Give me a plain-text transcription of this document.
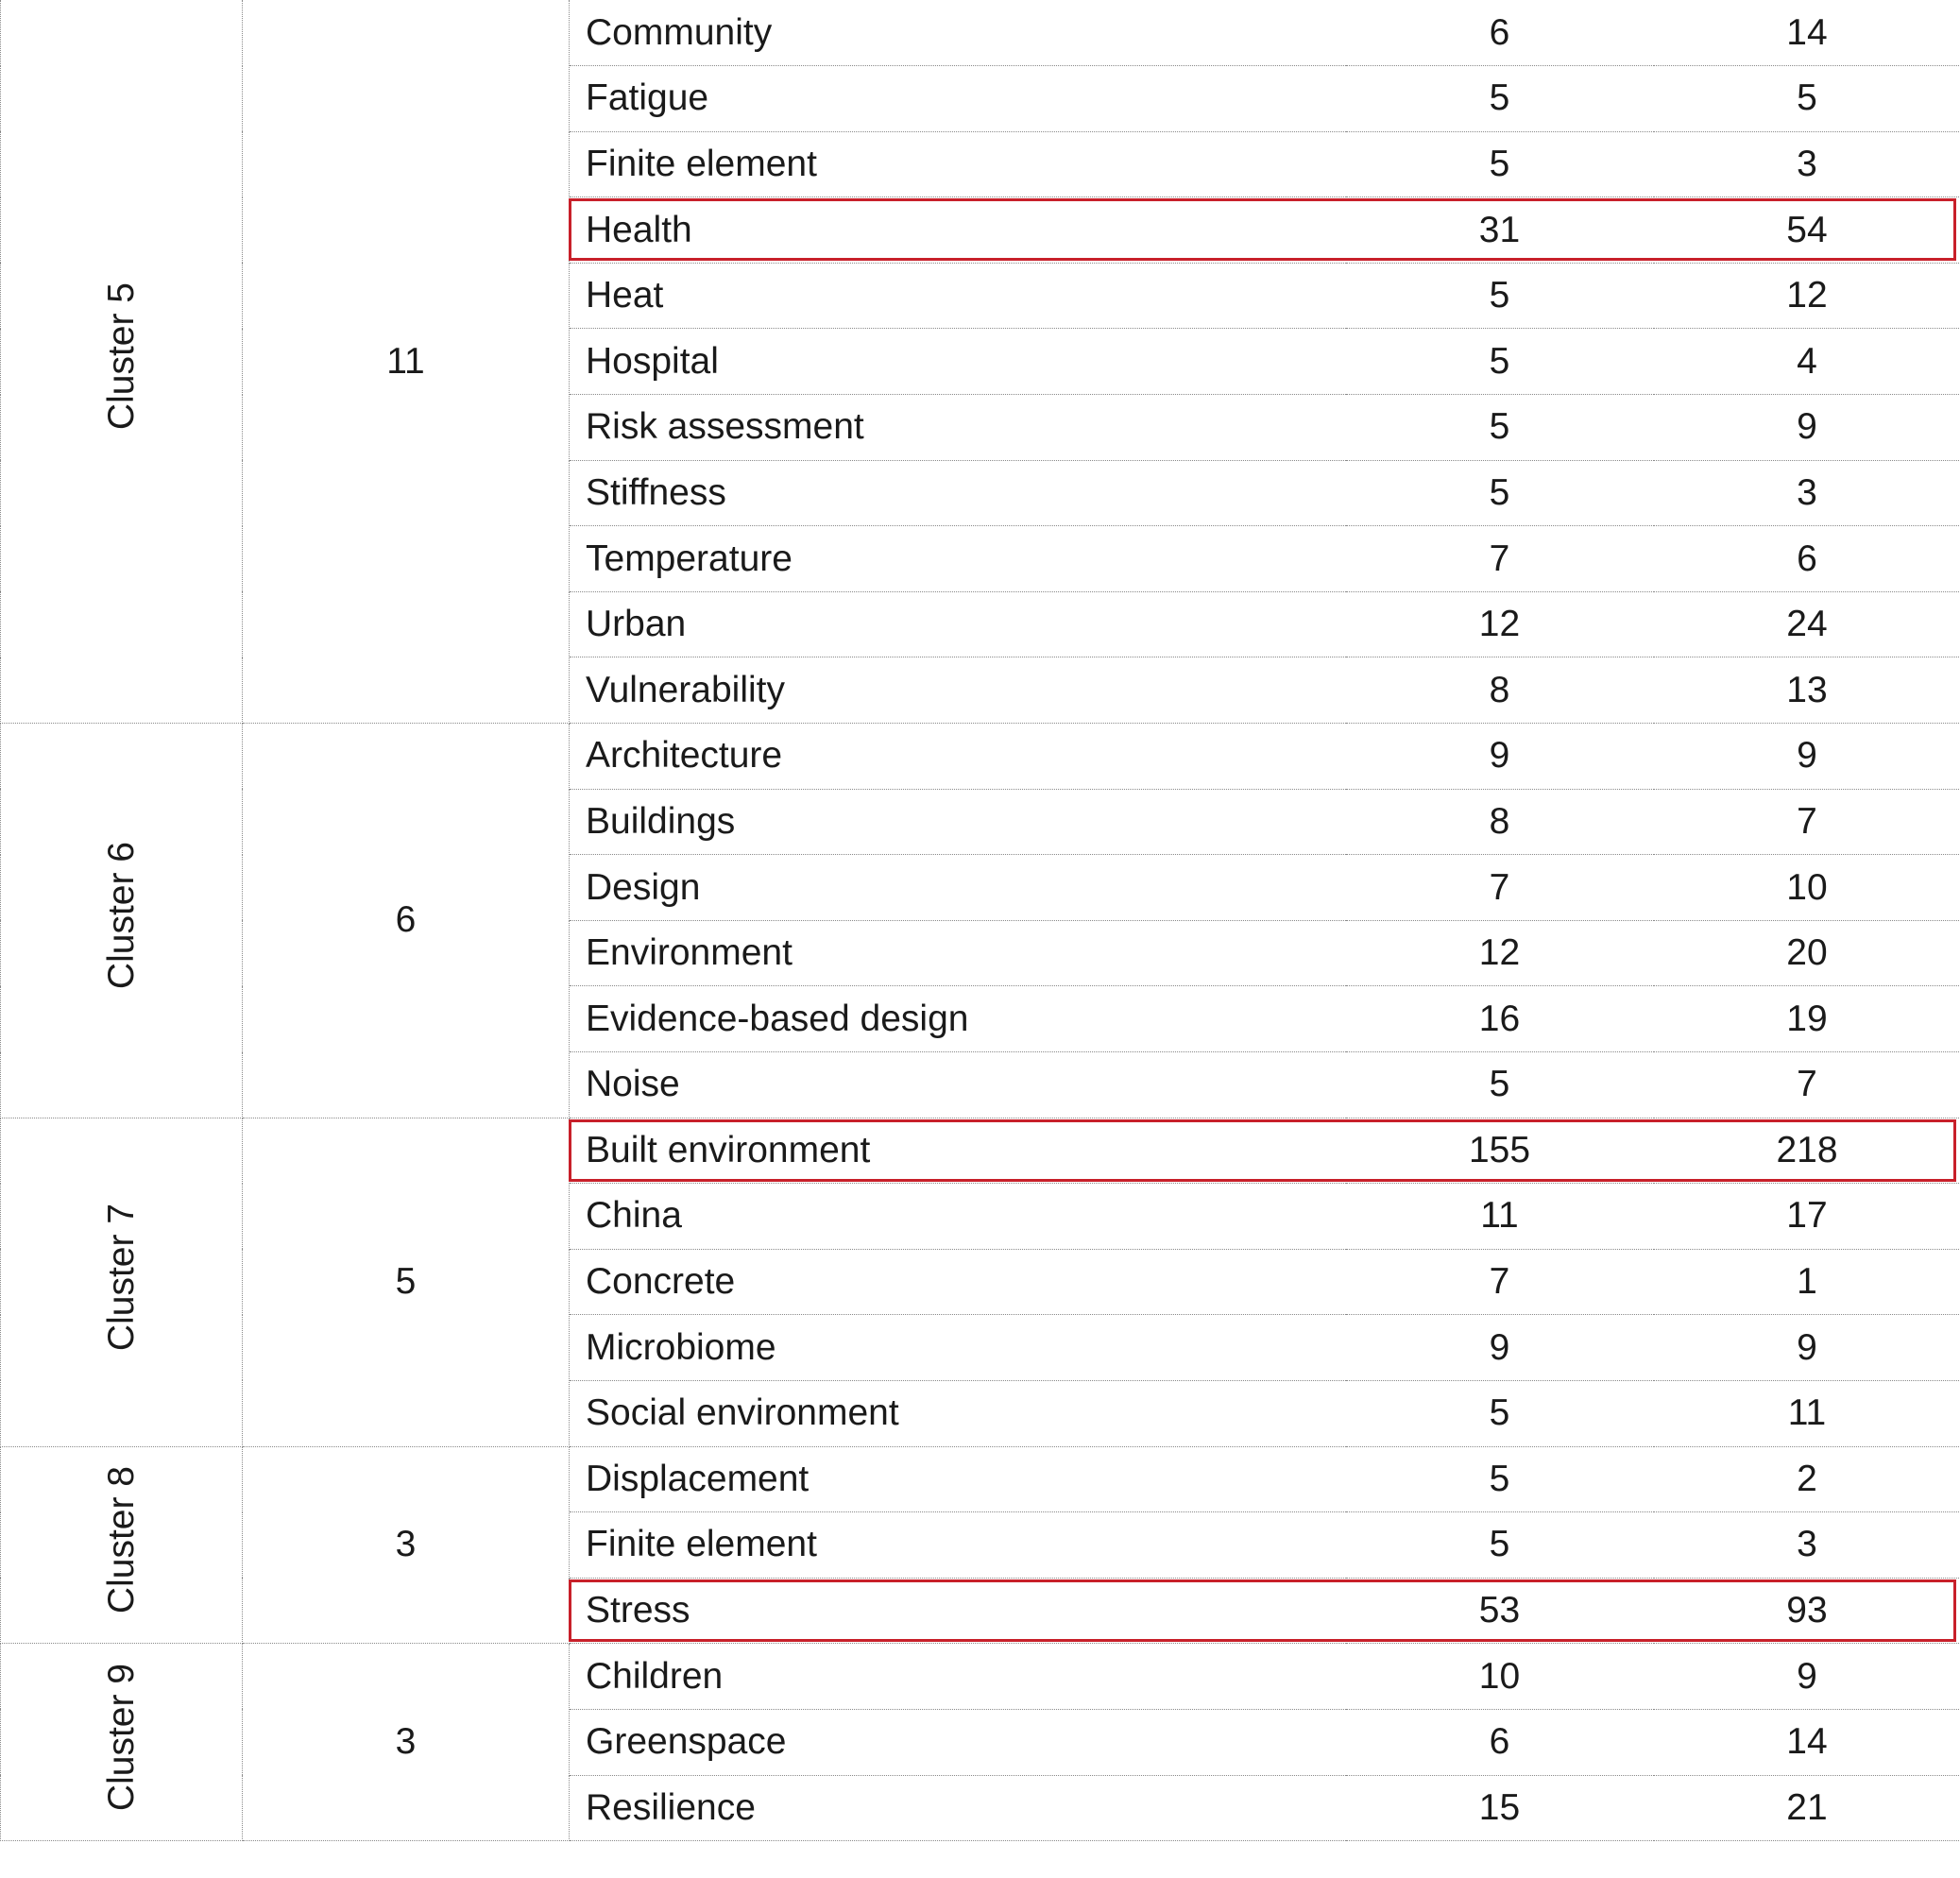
Cluster 5	11	Community	6	14
		Fatigue	5	5
		Finite element	5	3
		Health	31	54
		Heat	5	12
		Hospital	5	4
		Risk assessment	5	9
		Stiffness	5	3
		Temperature	7	6
		Urban	12	24
		Vulnerability	8	13
Cluster 6	6	Architecture	9	9
		Buildings	8	7
		Design	7	10
		Environment	12	20
		Evidence-based design	16	19
		Noise	5	7
Cluster 7	5	Built environment	155	218
		China	11	17
		Concrete	7	1
		Microbiome	9	9
		Social environment	5	11
Cluster 8	3	Displacement	5	2
		Finite element	5	3
		Stress	53	93
Cluster 9	3	Children	10	9
		Greenspace	6	14
		Resilience	15	21
